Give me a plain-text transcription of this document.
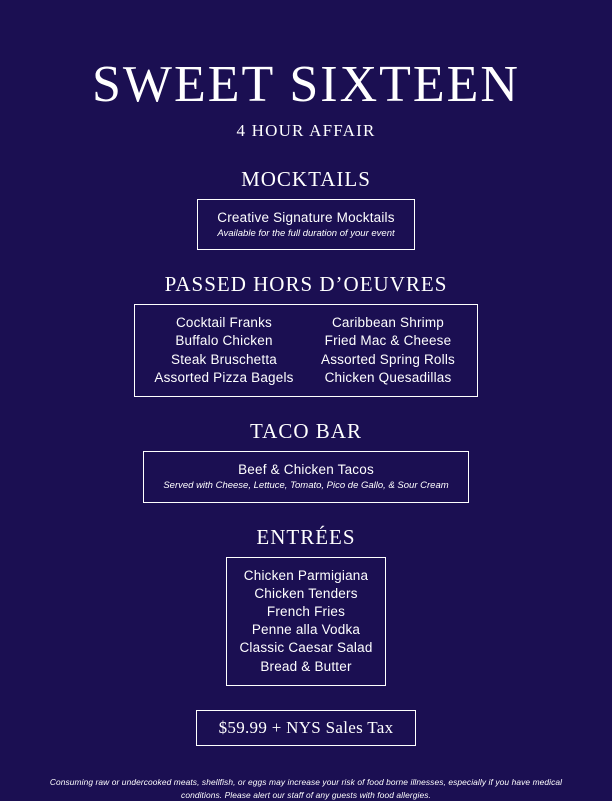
SWEET SIXTEEN
4 HOUR AFFAIR
MOCKTAILS
Creative Signature Mocktails
Available for the full duration of your event
PASSED HORS D’OEUVRES
Cocktail Franks	Caribbean Shrimp
Buffalo Chicken	Fried Mac & Cheese
Steak Bruschetta	Assorted Spring Rolls
Assorted Pizza Bagels	Chicken Quesadillas
TACO BAR
Beef & Chicken Tacos
Served with Cheese, Lettuce, Tomato, Pico de Gallo, & Sour Cream
ENTRÉES
Chicken Parmigiana
Chicken Tenders
French Fries
Penne alla Vodka
Classic Caesar Salad
Bread & Butter
$59.99 + NYS Sales Tax
Consuming raw or undercooked meats, shellfish, or eggs may increase your risk of food borne illnesses, especially if you have medical conditions. Please alert our staff of any guests with food allergies.
